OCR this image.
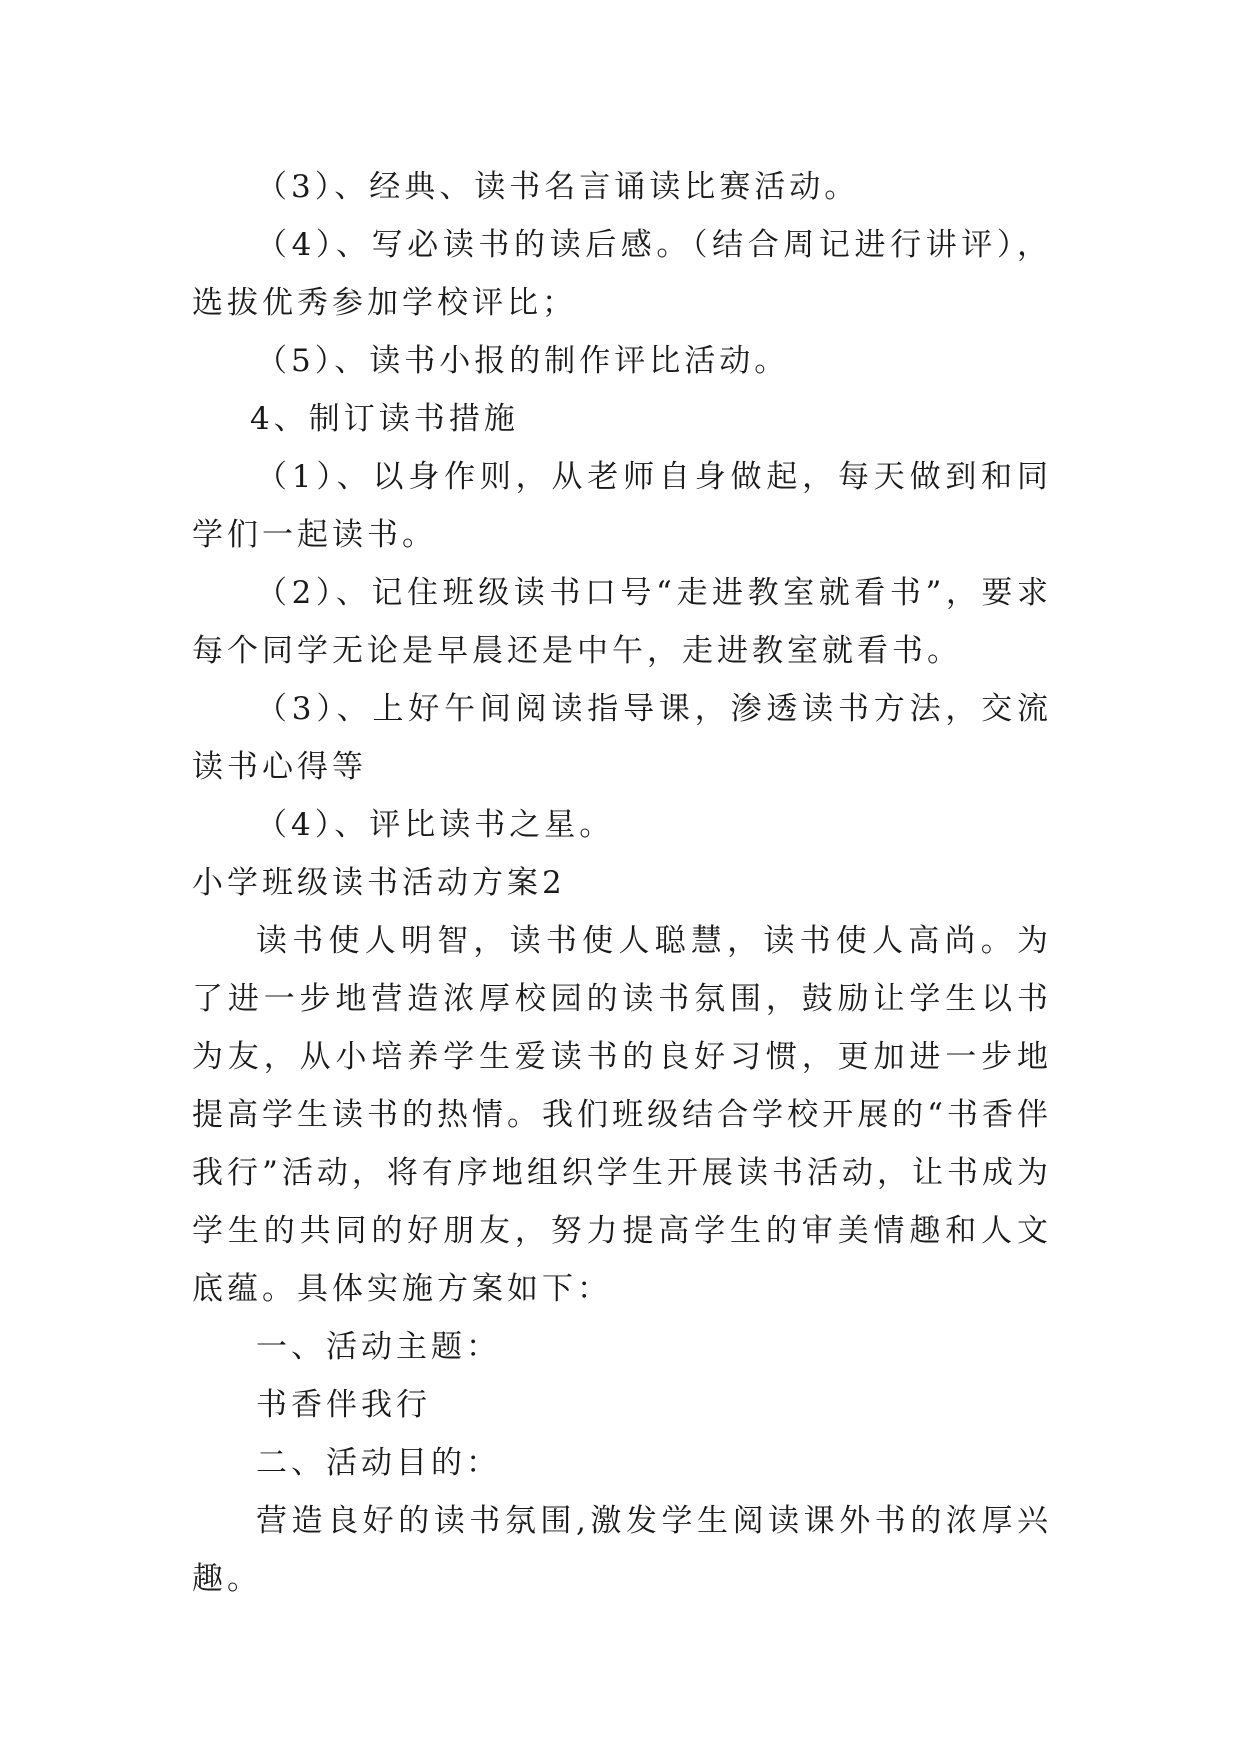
（3）、经典、读书名言诵读比赛活动。

（4）、写必读书的读后感。（结合周记进行讲评），选拔优秀参加学校评比；

（5）、读书小报的制作评比活动。

4、制订读书措施

（1）、以身作则，从老师自身做起，每天做到和同学们一起读书。

（2）、记住班级读书口号“走进教室就看书”，要求每个同学无论是早晨还是中午，走进教室就看书。

（3）、上好午间阅读指导课，渗透读书方法，交流读书心得等

（4）、评比读书之星。

小学班级读书活动方案2

读书使人明智，读书使人聪慧，读书使人高尚。为了进一步地营造浓厚校园的读书氛围，鼓励让学生以书为友，从小培养学生爱读书的良好习惯，更加进一步地提高学生读书的热情。我们班级结合学校开展的“书香伴我行”活动，将有序地组织学生开展读书活动，让书成为学生的共同的好朋友，努力提高学生的审美情趣和人文底蕴。具体实施方案如下：

一、活动主题：

书香伴我行

二、活动目的：

营造良好的读书氛围,激发学生阅读课外书的浓厚兴趣。
